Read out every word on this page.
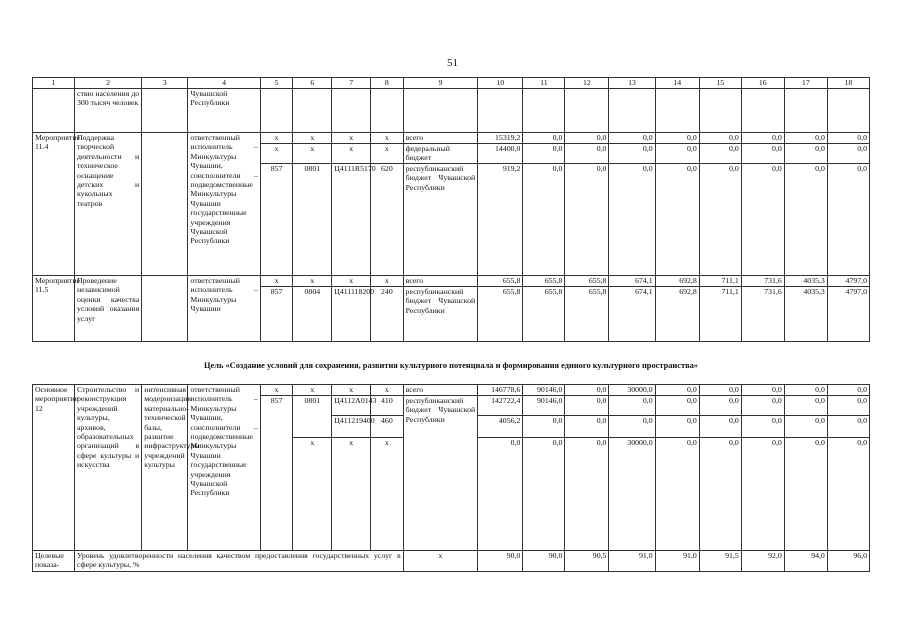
51
1	2	3	4	5	6	7	8	9	10	11	12	13	14	15	16	17	18
	ствю населения до 300 тысяч человек		Чувашской Республики														
Мероприятие 11.4	Поддержка творческой деятельности и техническое оснащение детских и кукольных театров		ответственный исполнитель – Минкультуры Чувашии, соисполнители – подведомственные Минкультуры Чувашии государственные учреждения Чувашской Республики	x	x	x	x	всего	15319,2	0,0	0,0	0,0	0,0	0,0	0,0	0,0	0,0
				x	x	x	x	федеральный бюджет	14400,0	0,0	0,0	0,0	0,0	0,0	0,0	0,0	0,0
				857	0801	Ц4111R5170	620	республиканский бюджет Чувашской Республики	919,2	0,0	0,0	0,0	0,0	0,0	0,0	0,0	0,0
Мероприятие 11.5	Проведение независимой оценки качества условий оказания услуг		ответственный исполнитель – Минкультуры Чувашии	x	x	x	x	всего	655,8	655,8	655,8	674,1	692,8	711,1	731,6	4035,3	4797,0
				857	0804	Ц411118200	240	республиканский бюджет Чувашской Республики	655,8	655,8	655,8	674,1	692,8	711,1	731,6	4035,3	4797,0
Цель «Создание условий для сохранения, развития культурного потенциала и формирования единого культурного пространства»																	
Основное мероприятие 12	Строительство и реконструкция учреждений культуры, архивов, образовательных организаций в сфере культуры и искусства	интенсивная модернизация материально-технической базы, развитие инфраструктуры учреждений культуры	ответственный исполнитель – Минкультуры Чувашии, соисполнители – подведомственные Минкультуры Чувашии государственные учреждения Чувашской Республики	x	x	x	x	всего	146778,6	90146,0	0,0	30000,0	0,0	0,0	0,0	0,0	0,0
				857	0801	Ц4112A0143	410	республиканский бюджет Чувашской Республики	142722,4	90146,0	0,0	0,0	0,0	0,0	0,0	0,0	0,0
						Ц411219400	460		4056,2	0,0	0,0	0,0	0,0	0,0	0,0	0,0	0,0
					x	x	x		0,0	0,0	0,0	30000,0	0,0	0,0	0,0	0,0	0,0
Целевые показа-	Уровень удовлетворенности населения качеством предоставления государственных услуг в сфере культуры, %							x	90,0	90,0	90,5	91,0	91,0	91,5	92,0	94,0	96,0
